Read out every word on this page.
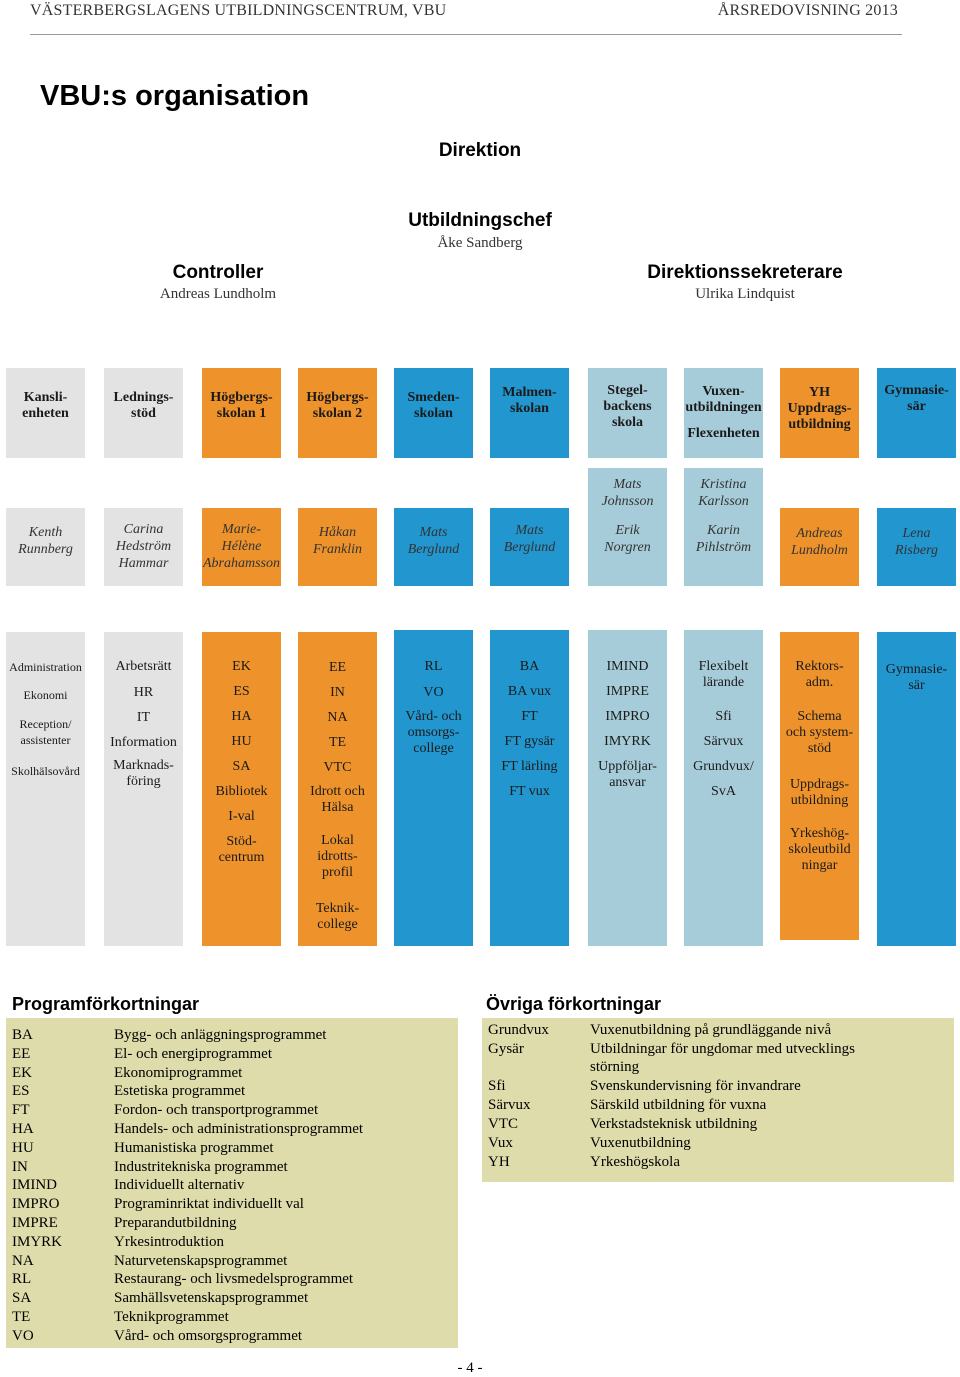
VÄSTERBERGSLAGENS UTBILDNINGSCENTRUM, VBU	ÅRSREDOVISNING 2013
VBU:s organisation
Direktion
Utbildningschef
Åke Sandberg
Controller
Andreas Lundholm
Direktionssekreterare
Ulrika Lindquist
Kansli-
enheten
Kenth
Runnberg
Administration
Ekonomi
Reception/
assistenter
Skolhälsovård
Lednings-
stöd
Carina
Hedström
Hammar
Arbetsrätt
HR
IT
Information
Marknads-
föring
Högbergs-
skolan 1
Marie-
Hélène
Abrahamsson
EK
ES
HA
HU
SA
Bibliotek
I-val
Stöd-
centrum
Högbergs-
skolan 2
Håkan
Franklin
EE
IN
NA
TE
VTC
Idrott och
Hälsa
Lokal
idrotts-
profil
Teknik-
college
Smeden-
skolan
Mats
Berglund
RL
VO
Vård- och
omsorgs-
college
Malmen-
skolan
Mats
Berglund
BA
BA vux
FT
FT gysär
FT lärling
FT vux
Stegel-
backens
skola
Mats
Johnsson
Erik
Norgren
IMIND
IMPRE
IMPRO
IMYRK
Uppföljar-
ansvar
Vuxen-
utbildningen
Flexenheten
Kristina
Karlsson
Karin
Pihlström
Flexibelt
lärande
Sfi
Särvux
Grundvux/
SvA
YH
Uppdrags-
utbildning
Andreas
Lundholm
Rektors-
adm.
Schema
och system-
stöd
Uppdrags-
utbildning
Yrkeshög-
skoleutbild
ningar
Gymnasie-
sär
Lena
Risberg
Gymnasie-
sär
Programförkortningar
BA	Bygg- och anläggningsprogrammet
EE	El- och energiprogrammet
EK	Ekonomiprogrammet
ES	Estetiska programmet
FT	Fordon- och transportprogrammet
HA	Handels- och administrationsprogrammet
HU	Humanistiska programmet
IN	Industritekniska programmet
IMIND	Individuellt alternativ
IMPRO	Programinriktat individuellt val
IMPRE	Preparandutbildning
IMYRK	Yrkesintroduktion
NA	Naturvetenskapsprogrammet
RL	Restaurang- och livsmedelsprogrammet
SA	Samhällsvetenskapsprogrammet
TE	Teknikprogrammet
VO	Vård- och omsorgsprogrammet
Övriga förkortningar
Grundvux	Vuxenutbildning på grundläggande nivå
Gysär	Utbildningar för ungdomar med utvecklings
störning
Sfi	Svenskundervisning för invandrare
Särvux	Särskild utbildning för vuxna
VTC	Verkstadsteknisk utbildning
Vux	Vuxenutbildning
YH	Yrkeshögskola
- 4 -
